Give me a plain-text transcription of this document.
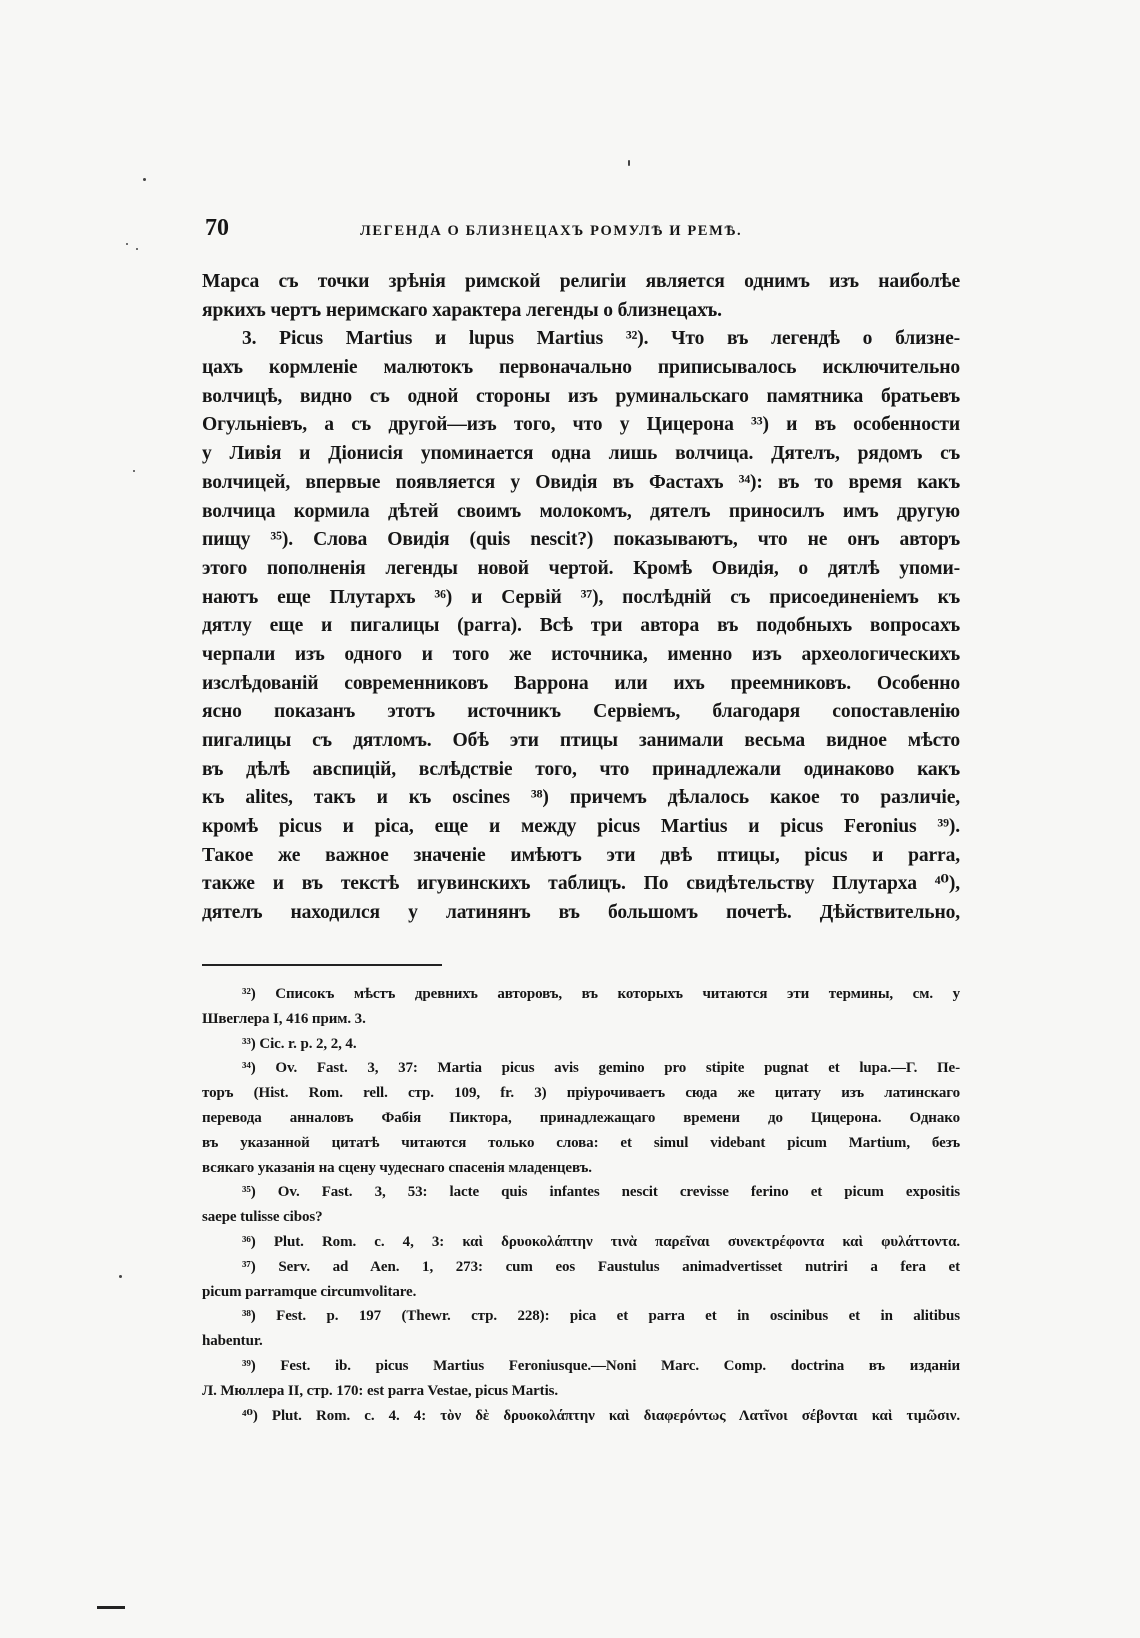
70	ЛЕГЕНДА О БЛИЗНЕЦАХЪ РОМУЛѢ И РЕМѢ.
Марса съ точки зрѣнія римской религіи является однимъ изъ наиболѣе
яркихъ чертъ неримскаго характера легенды о близнецахъ.
3. Picus Martius и lupus Martius ³²). Что въ легендѣ о близне-
цахъ кормленіе малютокъ первоначально приписывалось исключительно
волчицѣ, видно съ одной стороны изъ руминальскаго памятника братьевъ
Огульніевъ, а съ другой—изъ того, что у Цицерона ³³) и въ особенности
у Ливія и Діонисія упоминается одна лишь волчица. Дятелъ, рядомъ съ
волчицей, впервые появляется у Овидія въ Фастахъ ³⁴): въ то время какъ
волчица кормила дѣтей своимъ молокомъ, дятелъ приносилъ имъ другую
пищу ³⁵). Слова Овидія (quis nescit?) показываютъ, что не онъ авторъ
этого пополненія легенды новой чертой. Кромѣ Овидія, о дятлѣ упоми-
наютъ еще Плутархъ ³⁶) и Сервій ³⁷), послѣдній съ присоединеніемъ къ
дятлу еще и пигалицы (parra). Всѣ три автора въ подобныхъ вопросахъ
черпали изъ одного и того же источника, именно изъ археологическихъ
изслѣдованій современниковъ Варрона или ихъ преемниковъ. Особенно
ясно показанъ этотъ источникъ Сервіемъ, благодаря сопоставленію
пигалицы съ дятломъ. Обѣ эти птицы занимали весьма видное мѣсто
въ дѣлѣ авспицій, вслѣдствіе того, что принадлежали одинаково какъ
къ alites, такъ и къ oscines ³⁸) причемъ дѣлалось какое то различіе,
кромѣ picus и pica, еще и между picus Martius и picus Feronius ³⁹).
Такое же важное значеніе имѣютъ эти двѣ птицы, picus и parra,
также и въ текстѣ игувинскихъ таблицъ. По свидѣтельству Плутарха ⁴⁰),
дятелъ находился у латинянъ въ большомъ почетѣ. Дѣйствительно,
³²) Списокъ мѣстъ древнихъ авторовъ, въ которыхъ читаются эти термины, см. у
Швеглера I, 416 прим. 3.
³³) Cic. r. p. 2, 2, 4.
³⁴) Ov. Fast. 3, 37: Martia picus avis gemino pro stipite pugnat et lupa.—Г. Пе-
торъ (Hist. Rom. rell. стр. 109, fr. 3) пріурочиваетъ сюда же цитату изъ латинскаго
перевода анналовъ Фабія Пиктора, принадлежащаго времени до Цицерона. Однако
въ указанной цитатѣ читаются только слова: et simul videbant picum Martium, безъ
всякаго указанія на сцену чудеснаго спасенія младенцевъ.
³⁵) Ov. Fast. 3, 53: lacte quis infantes nescit crevisse ferino et picum expositis
saepe tulisse cibos?
³⁶) Plut. Rom. c. 4, 3: καὶ δρυοκολάπτην τινὰ παρεῖναι συνεκτρέφοντα καὶ φυλάττοντα.
³⁷) Serv. ad Aen. 1, 273: cum eos Faustulus animadvertisset nutriri a fera et
picum parramque circumvolitare.
³⁸) Fest. p. 197 (Thewr. стр. 228): pica et parra et in oscinibus et in alitibus
habentur.
³⁹) Fest. ib. picus Martius Feroniusque.—Noni Marc. Comp. doctrina въ изданіи
Л. Мюллера II, стр. 170: est parra Vestae, picus Martis.
⁴⁰) Plut. Rom. c. 4. 4: τὸν δὲ δρυοκολάπτην καὶ διαφερόντως Λατῖνοι σέβονται καὶ τιμῶσιν.
